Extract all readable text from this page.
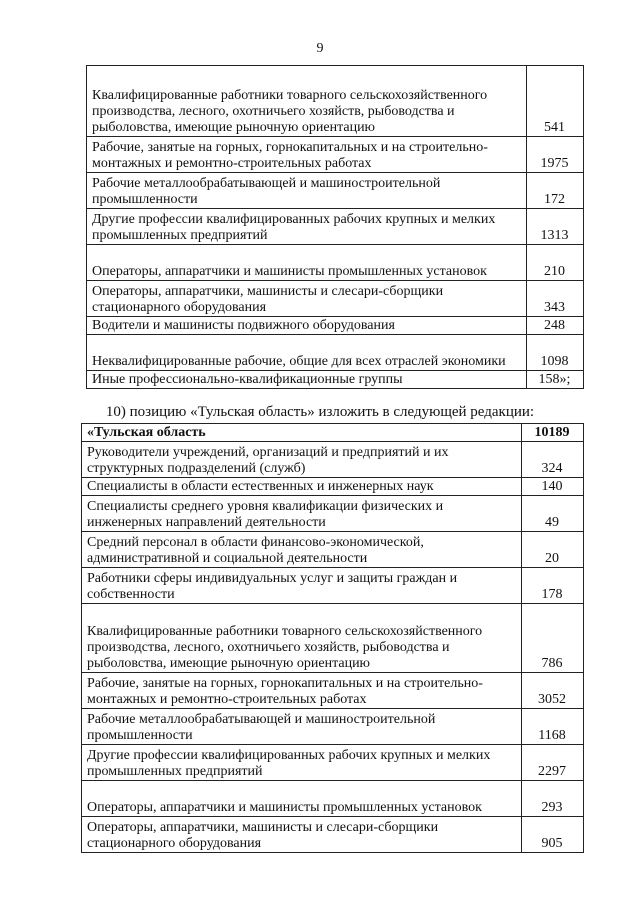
9
Квалифицированные работники товарного сельскохозяйственного производства, лесного, охотничьего хозяйств, рыбоводства и рыболовства, имеющие рыночную ориентацию	541
Рабочие, занятые на горных, горнокапитальных и на строительно-монтажных и ремонтно-строительных работах	1975
Рабочие металлообрабатывающей и машиностроительной промышленности	172
Другие профессии квалифицированных рабочих крупных и мелких промышленных предприятий	1313
Операторы, аппаратчики и машинисты промышленных установок	210
Операторы, аппаратчики, машинисты и слесари-сборщики стационарного оборудования	343
Водители и машинисты подвижного оборудования	248
Неквалифицированные рабочие, общие для всех отраслей экономики	1098
Иные профессионально-квалификационные группы	158»;
10) позицию «Тульская область» изложить в следующей редакции:
«Тульская область	10189
Руководители учреждений, организаций и предприятий и их структурных подразделений (служб)	324
Специалисты в области естественных и инженерных наук	140
Специалисты среднего уровня квалификации физических и инженерных направлений деятельности	49
Средний персонал в области финансово-экономической, административной и социальной деятельности	20
Работники сферы индивидуальных услуг и защиты граждан и собственности	178
Квалифицированные работники товарного сельскохозяйственного производства, лесного, охотничьего хозяйств, рыбоводства и рыболовства, имеющие рыночную ориентацию	786
Рабочие, занятые на горных, горнокапитальных и на строительно-монтажных и ремонтно-строительных работах	3052
Рабочие металлообрабатывающей и машиностроительной промышленности	1168
Другие профессии квалифицированных рабочих крупных и мелких промышленных предприятий	2297
Операторы, аппаратчики и машинисты промышленных установок	293
Операторы, аппаратчики, машинисты и слесари-сборщики стационарного оборудования	905
